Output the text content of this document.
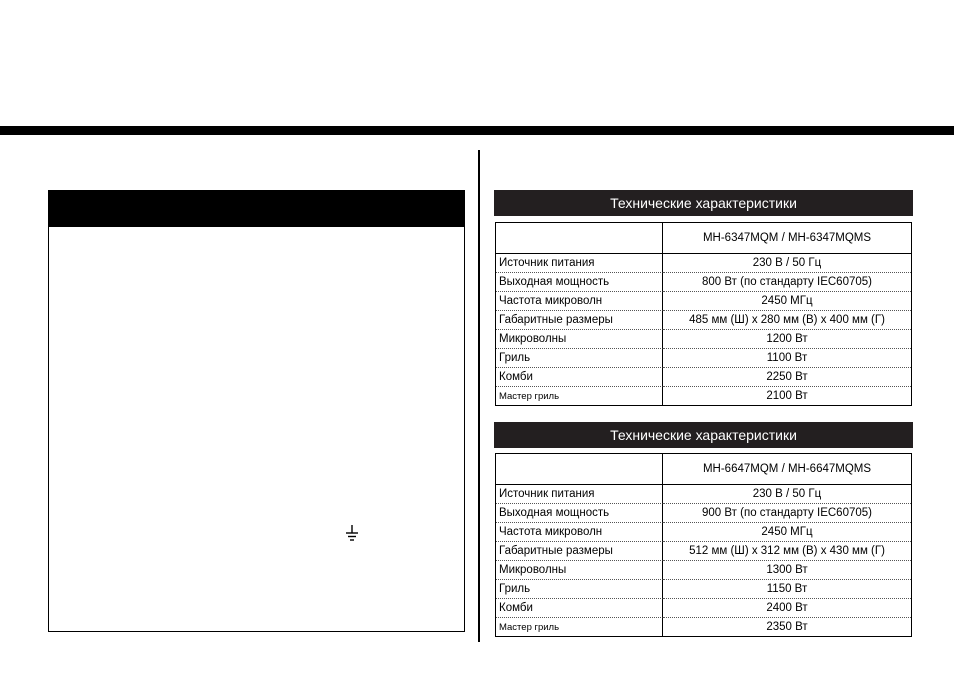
Технические характеристики
MH-6347MQM / MH-6347MQMS
Источник питания	230 В / 50 Гц
Выходная мощность	800 Вт (по стандарту IEC60705)
Частота микроволн	2450 МГц
Габаритные размеры	485 мм (Ш) x 280 мм (В) x 400 мм (Г)
Микроволны	1200 Вт
Гриль	1100 Вт
Комби	2250 Вт
Мастер гриль	2100 Вт
Технические характеристики
MH-6647MQM / MH-6647MQMS
Источник питания	230 В / 50 Гц
Выходная мощность	900 Вт (по стандарту IEC60705)
Частота микроволн	2450 МГц
Габаритные размеры	512 мм (Ш) x 312 мм (В) x 430 мм (Г)
Микроволны	1300 Вт
Гриль	1150 Вт
Комби	2400 Вт
Мастер гриль	2350 Вт
